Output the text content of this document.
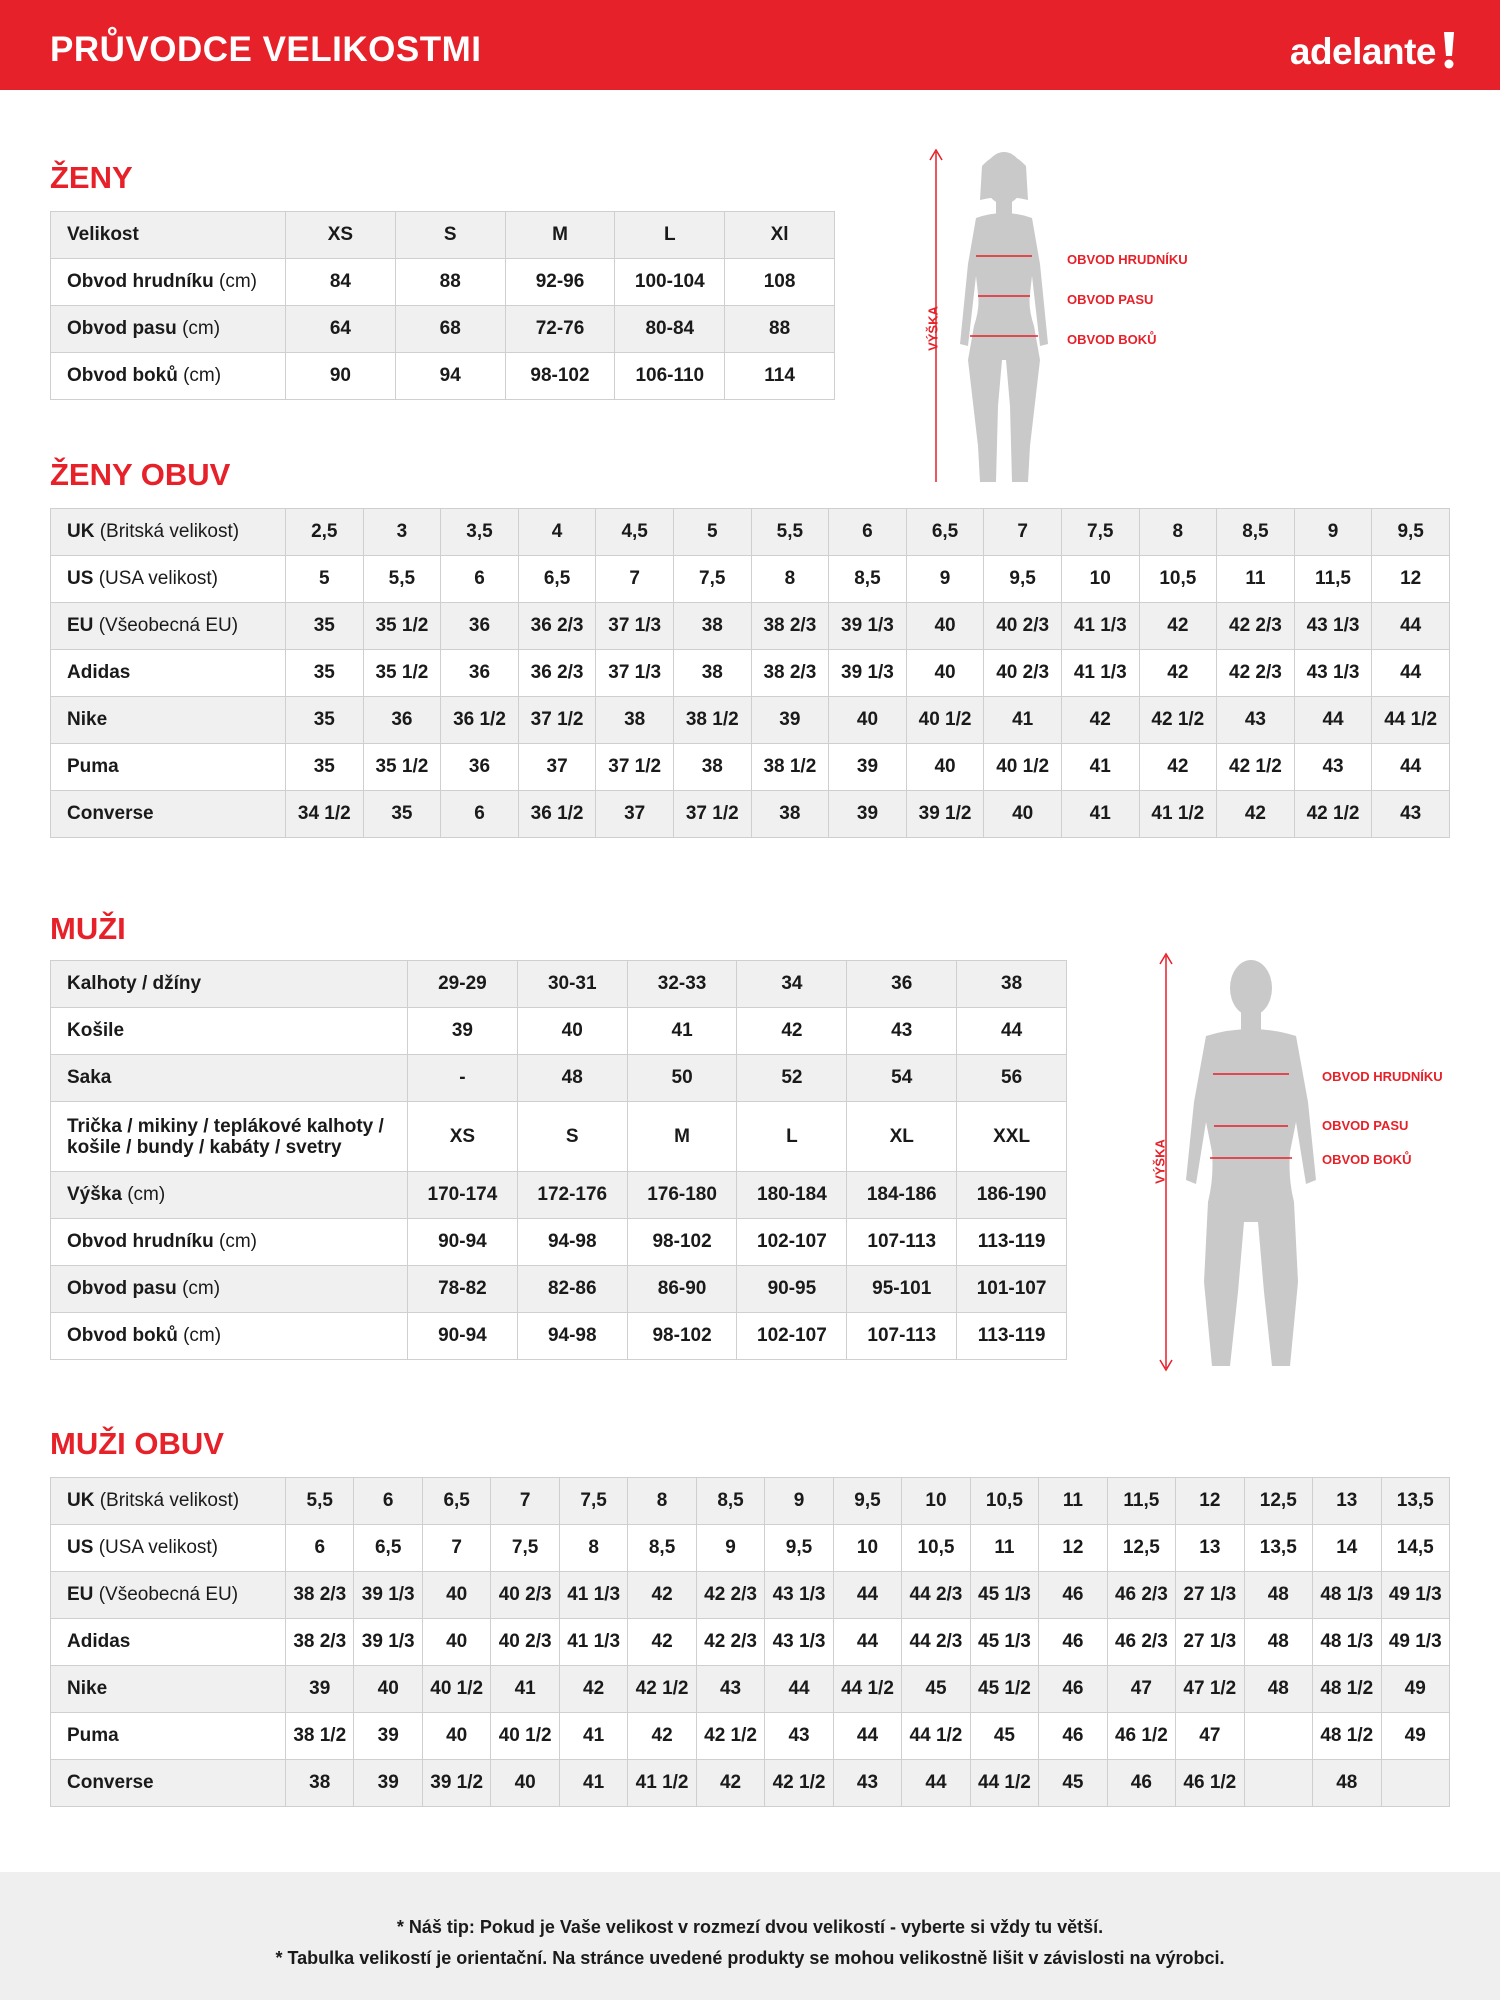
PRŮVODCE VELIKOSTMI	adelante
ŽENY
Velikost	XS	S	M	L	Xl
Obvod hrudníku (cm)	84	88	92-96	100-104	108
Obvod pasu (cm)	64	68	72-76	80-84	88
Obvod boků (cm)	90	94	98-102	106-110	114
OBVOD HRUDNÍKU
OBVOD PASU
OBVOD BOKŮ
VÝŠKA
ŽENY OBUV
UK (Britská velikost)	2,5	3	3,5	4	4,5	5	5,5	6	6,5	7	7,5	8	8,5	9	9,5
US (USA velikost)	5	5,5	6	6,5	7	7,5	8	8,5	9	9,5	10	10,5	11	11,5	12
EU (Všeobecná EU)	35	35 1/2	36	36 2/3	37 1/3	38	38 2/3	39 1/3	40	40 2/3	41 1/3	42	42 2/3	43 1/3	44
Adidas	35	35 1/2	36	36 2/3	37 1/3	38	38 2/3	39 1/3	40	40 2/3	41 1/3	42	42 2/3	43 1/3	44
Nike	35	36	36 1/2	37 1/2	38	38 1/2	39	40	40 1/2	41	42	42 1/2	43	44	44 1/2
Puma	35	35 1/2	36	37	37 1/2	38	38 1/2	39	40	40 1/2	41	42	42 1/2	43	44
Converse	34 1/2	35	6	36 1/2	37	37 1/2	38	39	39 1/2	40	41	41 1/2	42	42 1/2	43
MUŽI
Kalhoty / džíny	29-29	30-31	32-33	34	36	38
Košile	39	40	41	42	43	44
Saka	-	48	50	52	54	56
Trička / mikiny / teplákové kalhoty / košile / bundy / kabáty / svetry	XS	S	M	L	XL	XXL
Výška (cm)	170-174	172-176	176-180	180-184	184-186	186-190
Obvod hrudníku (cm)	90-94	94-98	98-102	102-107	107-113	113-119
Obvod pasu (cm)	78-82	82-86	86-90	90-95	95-101	101-107
Obvod boků (cm)	90-94	94-98	98-102	102-107	107-113	113-119
OBVOD HRUDNÍKU
OBVOD PASU
OBVOD BOKŮ
VÝŠKA
MUŽI OBUV
UK (Britská velikost)	5,5	6	6,5	7	7,5	8	8,5	9	9,5	10	10,5	11	11,5	12	12,5	13	13,5
US (USA velikost)	6	6,5	7	7,5	8	8,5	9	9,5	10	10,5	11	12	12,5	13	13,5	14	14,5
EU (Všeobecná EU)	38 2/3	39 1/3	40	40 2/3	41 1/3	42	42 2/3	43 1/3	44	44 2/3	45 1/3	46	46 2/3	27 1/3	48	48 1/3	49 1/3
Adidas	38 2/3	39 1/3	40	40 2/3	41 1/3	42	42 2/3	43 1/3	44	44 2/3	45 1/3	46	46 2/3	27 1/3	48	48 1/3	49 1/3
Nike	39	40	40 1/2	41	42	42 1/2	43	44	44 1/2	45	45 1/2	46	47	47 1/2	48	48 1/2	49
Puma	38 1/2	39	40	40 1/2	41	42	42 1/2	43	44	44 1/2	45	46	46 1/2	47		48 1/2	49
Converse	38	39	39 1/2	40	41	41 1/2	42	42 1/2	43	44	44 1/2	45	46	46 1/2		48	

* Náš tip: Pokud je Vaše velikost v rozmezí dvou velikostí - vyberte si vždy tu větší.

* Tabulka velikostí je orientační. Na stránce uvedené produkty se mohou velikostně lišit v závislosti na výrobci.
